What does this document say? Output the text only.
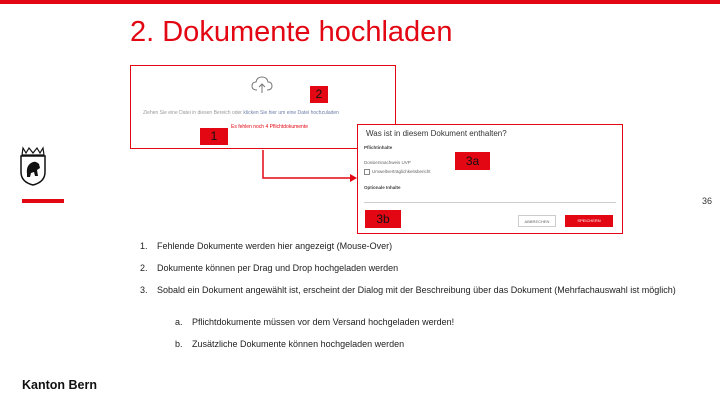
2. Dokumente hochladen
Kanton Bern
36
Ziehen Sie eine Datei in diesen Bereich oder klicken Sie hier um eine Datei hochzuladen
Es fehlen noch 4 Pflichtdokumente
Was ist in diesem Dokument enthalten?
Pflichtinhalte
Dossiersnachweis UVP
Umweltverträglichkeitsbericht
Optionale Inhalte
ABBRECHEN	SPEICHERN
2
1
3a
3b
1. Fehlende Dokumente werden hier angezeigt (Mouse-Over)
2. Dokumente können per Drag und Drop hochgeladen werden
3. Sobald ein Dokument angewählt ist, erscheint der Dialog mit der Beschreibung über das Dokument (Mehrfachauswahl ist möglich)
a. Pflichtdokumente müssen vor dem Versand hochgeladen werden!
b. Zusätzliche Dokumente können hochgeladen werden
